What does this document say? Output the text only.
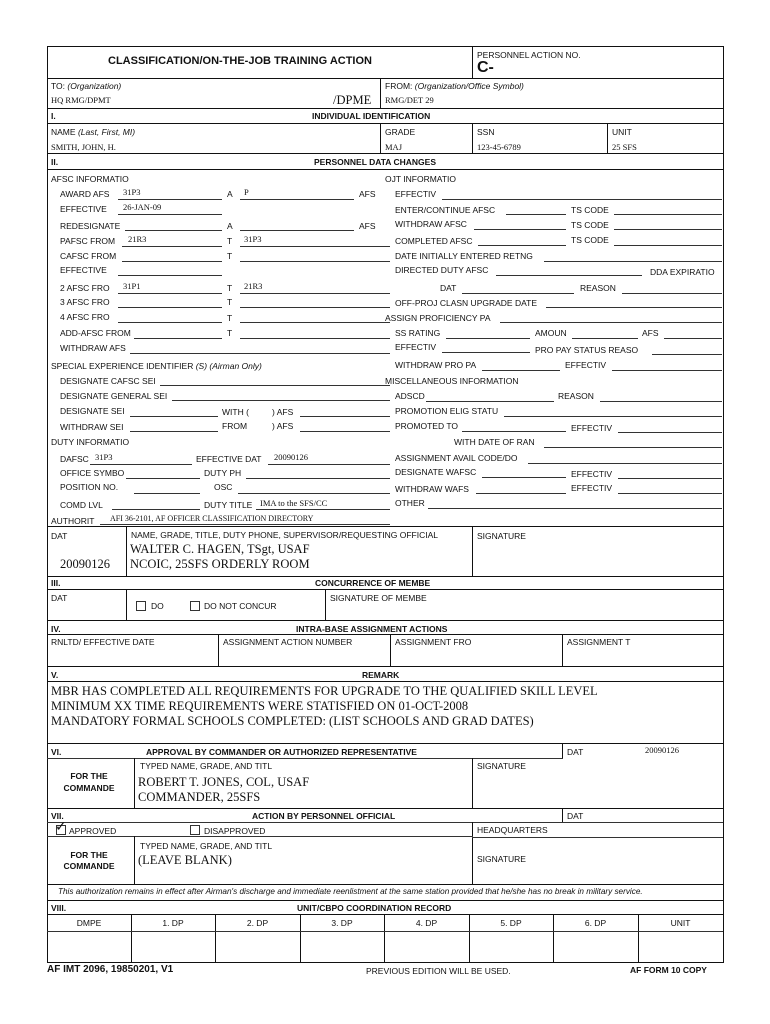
CLASSIFICATION/ON-THE-JOB TRAINING ACTION	PERSONNEL ACTION NO.
C-
TO: (Organization)
HQ RMG/DPMT	/DPME
FROM: (Organization/Office Symbol)
RMG/DET 29
I.	INDIVIDUAL IDENTIFICATION
NAME (Last, First, MI)
SMITH, JOHN, H.
GRADE
MAJ
SSN
123-45-6789
UNIT
25 SFS
II.	PERSONNEL DATA CHANGES
AFSC INFORMATIO
AWARD AFS 31P3	A P	AFS
EFFECTIVE 26-JAN-09
REDESIGNATE	A	AFS
PAFSC FROM 21R3	T 31P3
CAFSC FROM	T
EFFECTIVE
2 AFSC FRO 31P1	T 21R3
3 AFSC FRO	T
4 AFSC FRO	T
ADD-AFSC FROM	T
WITHDRAW AFS
SPECIAL EXPERIENCE IDENTIFIER (S) (Airman Only)
DESIGNATE CAFSC SEI
DESIGNATE GENERAL SEI
DESIGNATE SEI	WITH (	) AFS
WITHDRAW SEI	FROM	) AFS
DUTY INFORMATIO
DAFSC 31P3	EFFECTIVE DAT 20090126
OFFICE SYMBO	DUTY PH
POSITION NO.	OSC
COMD LVL	DUTY TITLE IMA to the SFS/CC
OJT INFORMATIO
EFFECTIV
ENTER/CONTINUE AFSC	TS CODE
WITHDRAW AFSC	TS CODE
COMPLETED AFSC	TS CODE
DATE INITIALLY ENTERED RETNG
DIRECTED DUTY AFSC	DDA EXPIRATIO
DAT	REASON
OFF-PROJ CLASN UPGRADE DATE
ASSIGN PROFICIENCY PA
SS RATING	AMOUN	AFS
EFFECTIV	PRO PAY STATUS REASO
WITHDRAW PRO PA	EFFECTIV
MISCELLANEOUS INFORMATION
ADSCD	REASON
PROMOTION ELIG STATU
PROMOTED TO	EFFECTIV
WITH DATE OF RAN
ASSIGNMENT AVAIL CODE/DO
DESIGNATE WAFSC	EFFECTIV
WITHDRAW WAFS	EFFECTIV
OTHER
AUTHORIT AFI 36-2101, AF OFFICER CLASSIFICATION DIRECTORY
DAT
20090126
NAME, GRADE, TITLE, DUTY PHONE, SUPERVISOR/REQUESTING OFFICIAL
WALTER C. HAGEN, TSgt, USAF
NCOIC, 25SFS ORDERLY ROOM
SIGNATURE
III.	CONCURRENCE OF MEMBE
DAT
DO	DO NOT CONCUR
SIGNATURE OF MEMBE
IV.	INTRA-BASE ASSIGNMENT ACTIONS
RNLTD/ EFFECTIVE DATE	ASSIGNMENT ACTION NUMBER	ASSIGNMENT FRO	ASSIGNMENT T
V.	REMARK
MBR HAS COMPLETED ALL REQUIREMENTS FOR UPGRADE TO THE QUALIFIED SKILL LEVEL
MINIMUM XX TIME REQUIREMENTS WERE STATISFIED ON 01-OCT-2008
MANDATORY FORMAL SCHOOLS COMPLETED: (LIST SCHOOLS AND GRAD DATES)
VI.	APPROVAL BY COMMANDER OR AUTHORIZED REPRESENTATIVE	DAT	20090126
FOR THE
COMMANDE
TYPED NAME, GRADE, AND TITL
ROBERT T. JONES, COL, USAF
COMMANDER, 25SFS
SIGNATURE
VII.	ACTION BY PERSONNEL OFFICIAL	DAT
✓ APPROVED	DISAPPROVED	HEADQUARTERS
FOR THE
COMMANDE
TYPED NAME, GRADE, AND TITL
(LEAVE BLANK)	SIGNATURE
This authorization remains in effect after Airman's discharge and immediate reenlistment at the same station provided that he/she has no break in military service.
VIII.	UNIT/CBPO COORDINATION RECORD
DMPE	1. DP	2. DP	3. DP	4. DP	5. DP	6. DP	UNIT
AF IMT 2096, 19850201, V1	PREVIOUS EDITION WILL BE USED.	AF FORM 10 COPY
